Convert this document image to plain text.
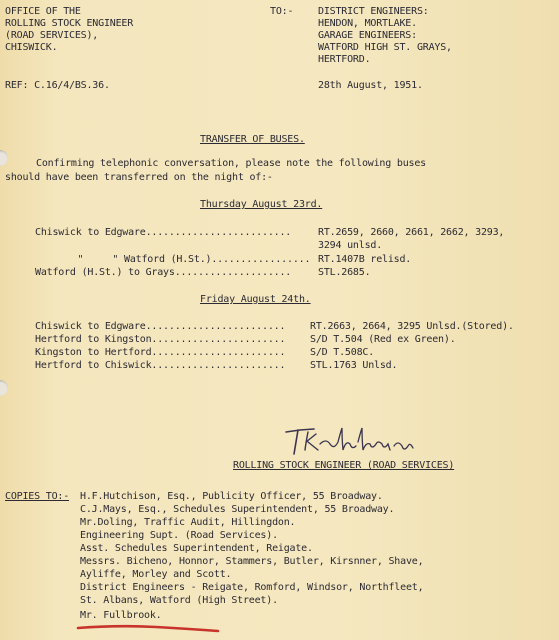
OFFICE OF THE
ROLLING STOCK ENGINEER
(ROAD SERVICES),
CHISWICK.
TO:- DISTRICT ENGINEERS:
HENDON, MORTLAKE.
GARAGE ENGINEERS:
WATFORD HIGH ST. GRAYS,
HERTFORD.
REF: C.16/4/BS.36.	28th August, 1951.
TRANSFER OF BUSES.
Confirming telephonic conversation, please note the following buses
should have been transferred on the night of:-
Thursday August 23rd.
Chiswick to Edgware.........................	RT.2659, 2660, 2661, 2662, 3293,
3294 unlsd.
"     " Watford (H.St.)................. RT.1407B relisd.
Watford (H.St.) to Grays....................	STL.2685.
Friday August 24th.
Chiswick to Edgware........................ RT.2663, 2664, 3295 Unlsd.(Stored).
Hertford to Kingston....................... S/D T.504 (Red ex Green).
Kingston to Hertford....................... S/D T.508C.
Hertford to Chiswick....................... STL.1763 Unlsd.
ROLLING STOCK ENGINEER (ROAD SERVICES)
COPIES TO:- H.F.Hutchison, Esq., Publicity Officer, 55 Broadway.
C.J.Mays, Esq., Schedules Superintendent, 55 Broadway.
Mr.Doling, Traffic Audit, Hillingdon.
Engineering Supt. (Road Services).
Asst. Schedules Superintendent, Reigate.
Messrs. Bicheno, Honnor, Stammers, Butler, Kirsnner, Shave,
Ayliffe, Morley and Scott.
District Engineers - Reigate, Romford, Windsor, Northfleet,
St. Albans, Watford (High Street).
Mr. Fullbrook.
